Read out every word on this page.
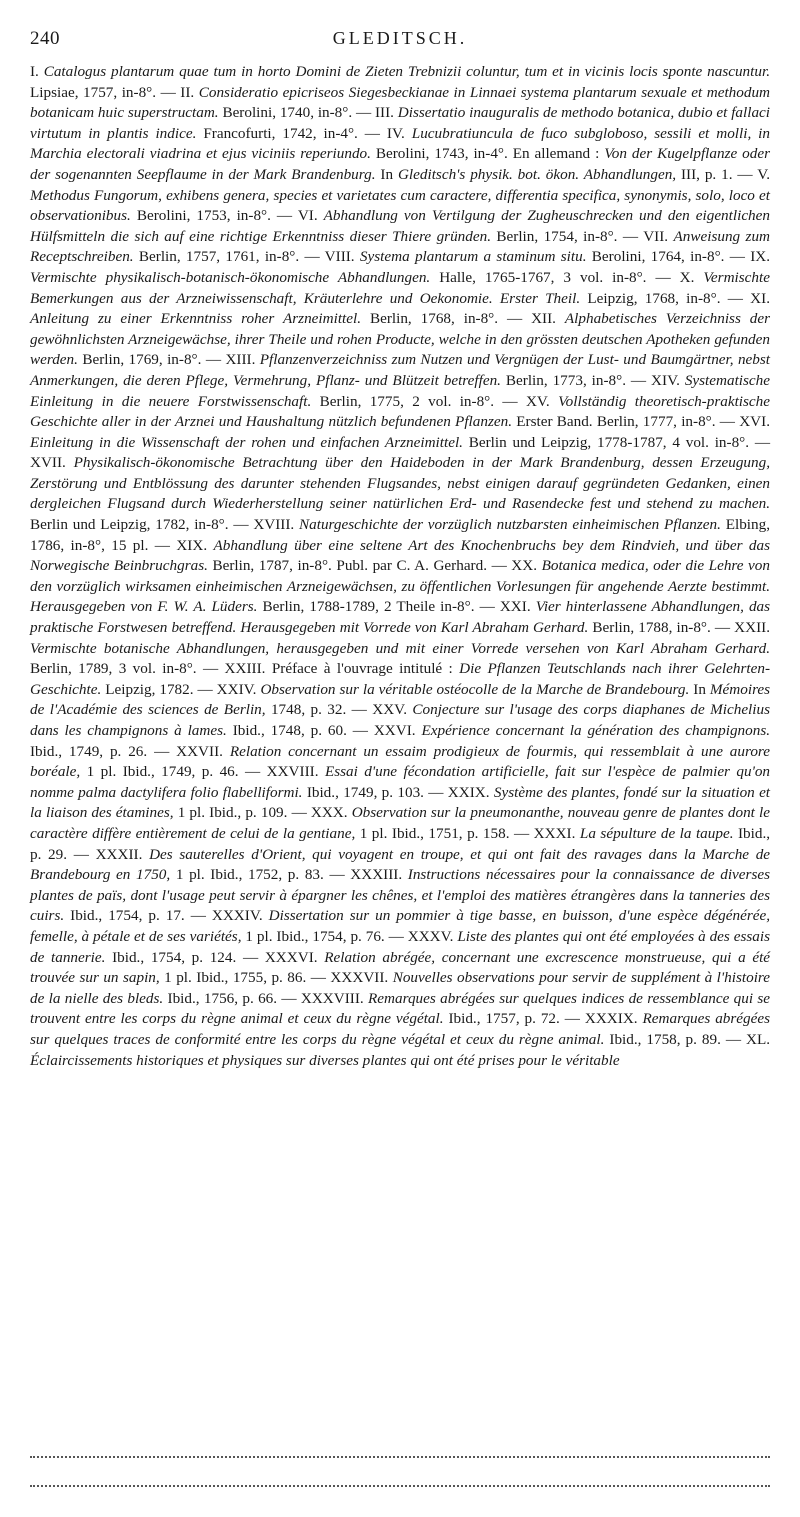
240	GLEDITSCH.
I. Catalogus plantarum quae tum in horto Domini de Zieten Trebnizii coluntur, tum et in vicinis locis sponte nascuntur. Lipsiae, 1757, in-8°. — II. Consideratio epicriseos Siegesbeckianae in Linnaei systema plantarum sexuale et methodum botanicam huic superstructam. Berolini, 1740, in-8°. — III. Dissertatio inauguralis de methodo botanica, dubio et fallaci virtutum in plantis indice. Francofurti, 1742, in-4°. — IV. Lucubratiuncula de fuco subgloboso, sessili et molli, in Marchia electorali viadrina et ejus viciniis reperiundo. Berolini, 1743, in-4°. En allemand : Von der Kugelpflanze oder der sogenannten Seepflaume in der Mark Brandenburg. In Gleditsch's physik. bot. ökon. Abhandlungen, III, p. 1. — V. Methodus Fungorum, exhibens genera, species et varietates cum caractere, differentia specifica, synonymis, solo, loco et observationibus. Berolini, 1753, in-8°. — VI. Abhandlung von Vertilgung der Zugheuschrecken und den eigentlichen Hülfsmitteln die sich auf eine richtige Erkenntniss dieser Thiere gründen. Berlin, 1754, in-8°. — VII. Anweisung zum Receptschreiben. Berlin, 1757, 1761, in-8°. — VIII. Systema plantarum a staminum situ. Berolini, 1764, in-8°. — IX. Vermischte physikalisch-botanisch-ökonomische Abhandlungen. Halle, 1765-1767, 3 vol. in-8°. — X. Vermischte Bemerkungen aus der Arzneiwissenschaft, Kräuterlehre und Oekonomie. Erster Theil. Leipzig, 1768, in-8°. — XI. Anleitung zu einer Erkenntniss roher Arzneimittel. Berlin, 1768, in-8°. — XII. Alphabetisches Verzeichniss der gewöhnlichsten Arzneigewächse, ihrer Theile und rohen Producte, welche in den grössten deutschen Apotheken gefunden werden. Berlin, 1769, in-8°. — XIII. Pflanzenverzeichniss zum Nutzen und Vergnügen der Lust- und Baumgärtner, nebst Anmerkungen, die deren Pflege, Vermehrung, Pflanz- und Blützeit betreffen. Berlin, 1773, in-8°. — XIV. Systematische Einleitung in die neuere Forstwissenschaft. Berlin, 1775, 2 vol. in-8°. — XV. Vollständig theoretisch-praktische Geschichte aller in der Arznei und Haushaltung nützlich befundenen Pflanzen. Erster Band. Berlin, 1777, in-8°. — XVI. Einleitung in die Wissenschaft der rohen und einfachen Arzneimittel. Berlin und Leipzig, 1778-1787, 4 vol. in-8°. — XVII. Physikalisch-ökonomische Betrachtung über den Haideboden in der Mark Brandenburg, dessen Erzeugung, Zerstörung und Entblössung des darunter stehenden Flugsandes, nebst einigen darauf gegründeten Gedanken, einen dergleichen Flugsand durch Wiederherstellung seiner natürlichen Erd- und Rasendecke fest und stehend zu machen. Berlin und Leipzig, 1782, in-8°. — XVIII. Naturgeschichte der vorzüglich nutzbarsten einheimischen Pflanzen. Elbing, 1786, in-8°, 15 pl. — XIX. Abhandlung über eine seltene Art des Knochenbruchs bey dem Rindvieh, und über das Norwegische Beinbruchgras. Berlin, 1787, in-8°. Publ. par C. A. Gerhard. — XX. Botanica medica, oder die Lehre von den vorzüglich wirksamen einheimischen Arzneigewächsen, zu öffentlichen Vorlesungen für angehende Aerzte bestimmt. Herausgegeben von F. W. A. Lüders. Berlin, 1788-1789, 2 Theile in-8°. — XXI. Vier hinterlassene Abhandlungen, das praktische Forstwesen betreffend. Herausgegeben mit Vorrede von Karl Abraham Gerhard. Berlin, 1788, in-8°. — XXII. Vermischte botanische Abhandlungen, herausgegeben und mit einer Vorrede versehen von Karl Abraham Gerhard. Berlin, 1789, 3 vol. in-8°. — XXIII. Préface à l'ouvrage intitulé : Die Pflanzen Teutschlands nach ihrer Gelehrten-Geschichte. Leipzig, 1782. — XXIV. Observation sur la véritable ostéocolle de la Marche de Brandebourg. In Mémoires de l'Académie des sciences de Berlin, 1748, p. 32. — XXV. Conjecture sur l'usage des corps diaphanes de Michelius dans les champignons à lames. Ibid., 1748, p. 60. — XXVI. Expérience concernant la génération des champignons. Ibid., 1749, p. 26. — XXVII. Relation concernant un essaim prodigieux de fourmis, qui ressemblait à une aurore boréale, 1 pl. Ibid., 1749, p. 46. — XXVIII. Essai d'une fécondation artificielle, fait sur l'espèce de palmier qu'on nomme palma dactylifera folio flabelliformi. Ibid., 1749, p. 103. — XXIX. Système des plantes, fondé sur la situation et la liaison des étamines, 1 pl. Ibid., p. 109. — XXX. Observation sur la pneumonanthe, nouveau genre de plantes dont le caractère diffère entièrement de celui de la gentiane, 1 pl. Ibid., 1751, p. 158. — XXXI. La sépulture de la taupe. Ibid., p. 29. — XXXII. Des sauterelles d'Orient, qui voyagent en troupe, et qui ont fait des ravages dans la Marche de Brandebourg en 1750, 1 pl. Ibid., 1752, p. 83. — XXXIII. Instructions nécessaires pour la connaissance de diverses plantes de païs, dont l'usage peut servir à épargner les chênes, et l'emploi des matières étrangères dans la tanneries des cuirs. Ibid., 1754, p. 17. — XXXIV. Dissertation sur un pommier à tige basse, en buisson, d'une espèce dégénérée, femelle, à pétale et de ses variétés, 1 pl. Ibid., 1754, p. 76. — XXXV. Liste des plantes qui ont été employées à des essais de tannerie. Ibid., 1754, p. 124. — XXXVI. Relation abrégée, concernant une excrescence monstrueuse, qui a été trouvée sur un sapin, 1 pl. Ibid., 1755, p. 86. — XXXVII. Nouvelles observations pour servir de supplément à l'histoire de la nielle des bleds. Ibid., 1756, p. 66. — XXXVIII. Remarques abrégées sur quelques indices de ressemblance qui se trouvent entre les corps du règne animal et ceux du règne végétal. Ibid., 1757, p. 72. — XXXIX. Remarques abrégées sur quelques traces de conformité entre les corps du règne végétal et ceux du règne animal. Ibid., 1758, p. 89. — XL. Éclaircissements historiques et physiques sur diverses plantes qui ont été prises pour le véritable
